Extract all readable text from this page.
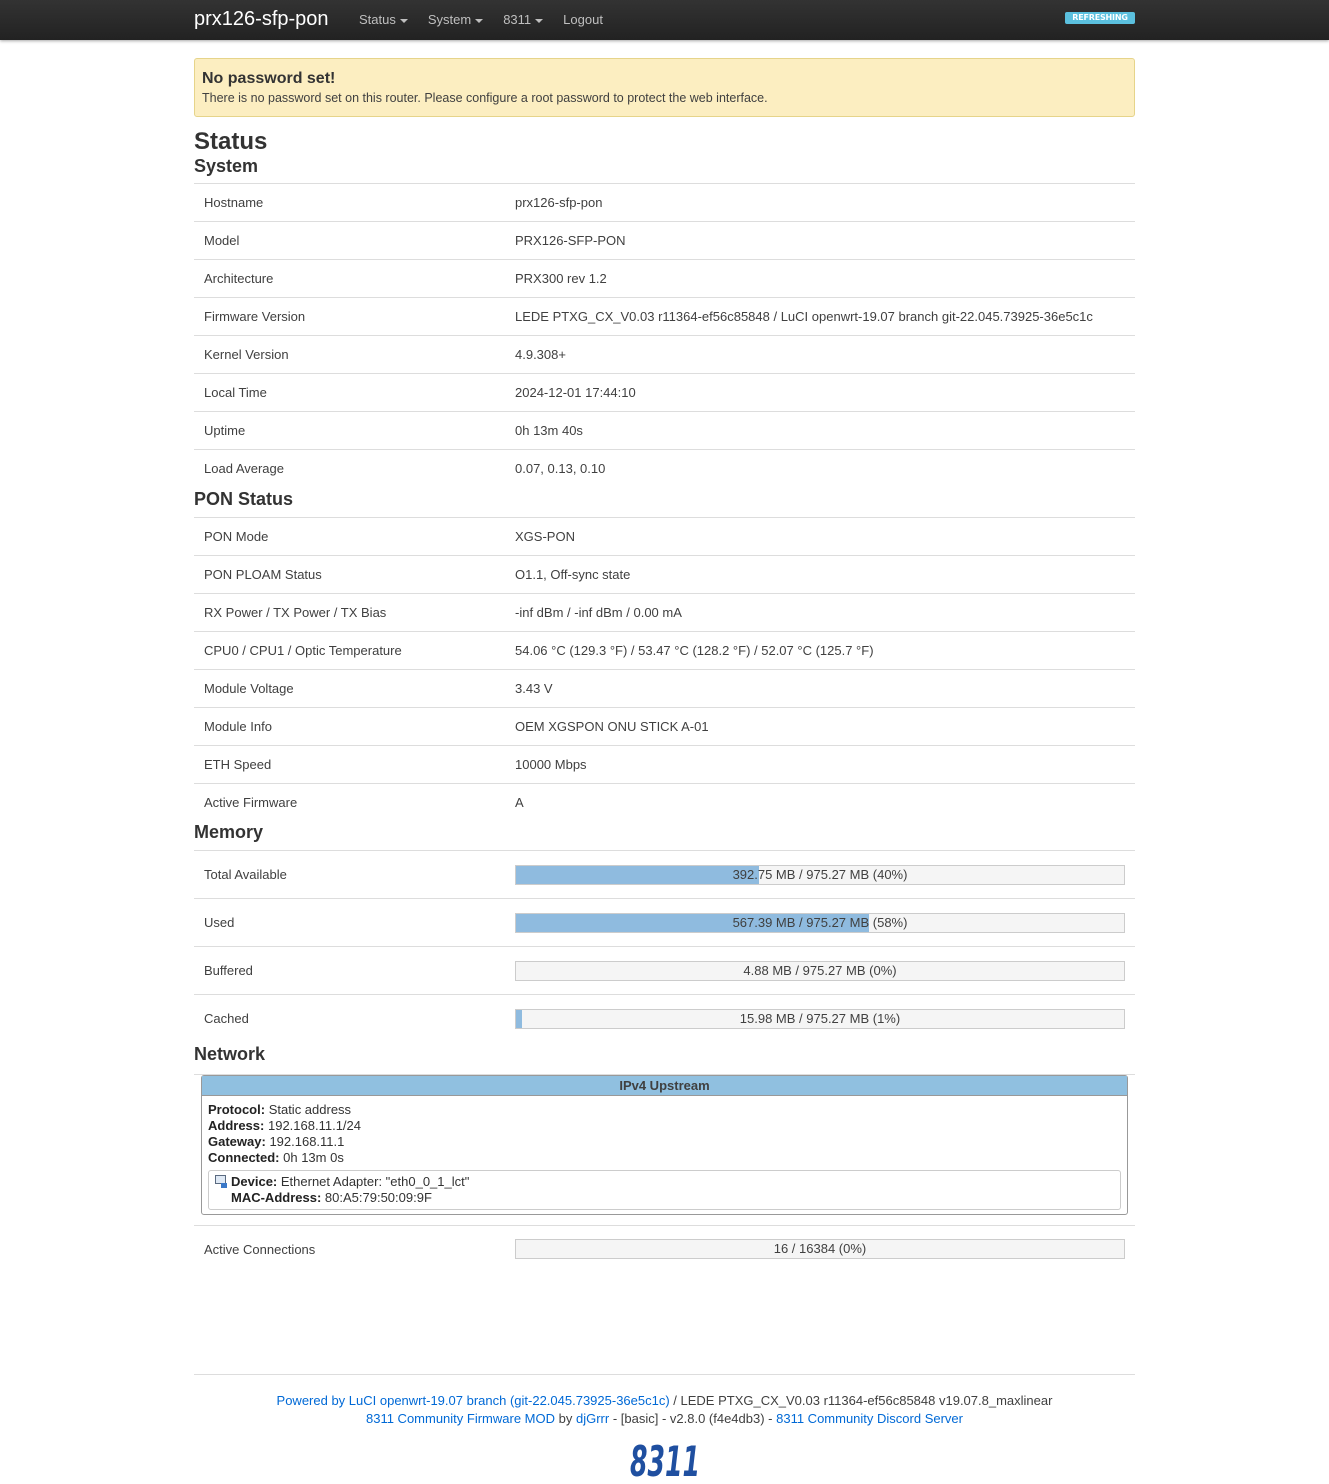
prx126-sfp-pon Status System 8311 Logout	REFRESHING
No password set!
There is no password set on this router. Please configure a root password to protect the web interface.
Status
System
Hostname	prx126-sfp-pon
Model	PRX126-SFP-PON
Architecture	PRX300 rev 1.2
Firmware Version	LEDE PTXG_CX_V0.03 r11364-ef56c85848 / LuCI openwrt-19.07 branch git-22.045.73925-36e5c1c
Kernel Version	4.9.308+
Local Time	2024-12-01 17:44:10
Uptime	0h 13m 40s
Load Average	0.07, 0.13, 0.10
PON Status
PON Mode	XGS-PON
PON PLOAM Status	O1.1, Off-sync state
RX Power / TX Power / TX Bias	-inf dBm / -inf dBm / 0.00 mA
CPU0 / CPU1 / Optic Temperature	54.06 °C (129.3 °F) / 53.47 °C (128.2 °F) / 52.07 °C (125.7 °F)
Module Voltage	3.43 V
Module Info	OEM XGSPON ONU STICK A-01
ETH Speed	10000 Mbps
Active Firmware	A
Memory
Total Available	392.75 MB / 975.27 MB (40%)

Used	567.39 MB / 975.27 MB (58%)

Buffered	4.88 MB / 975.27 MB (0%)

Cached	15.98 MB / 975.27 MB (1%)
Network
IPv4 Upstream
Protocol: Static address
Address: 192.168.11.1/24
Gateway: 192.168.11.1
Connected: 0h 13m 0s
Device: Ethernet Adapter: "eth0_0_1_lct"
MAC-Address: 80:A5:79:50:09:9F
Active Connections	16 / 16384 (0%)
Powered by LuCI openwrt-19.07 branch (git-22.045.73925-36e5c1c) / LEDE PTXG_CX_V0.03 r11364-ef56c85848 v19.07.8_maxlinear
8311 Community Firmware MOD by djGrrr - [basic] - v2.8.0 (f4e4db3) - 8311 Community Discord Server
8311
